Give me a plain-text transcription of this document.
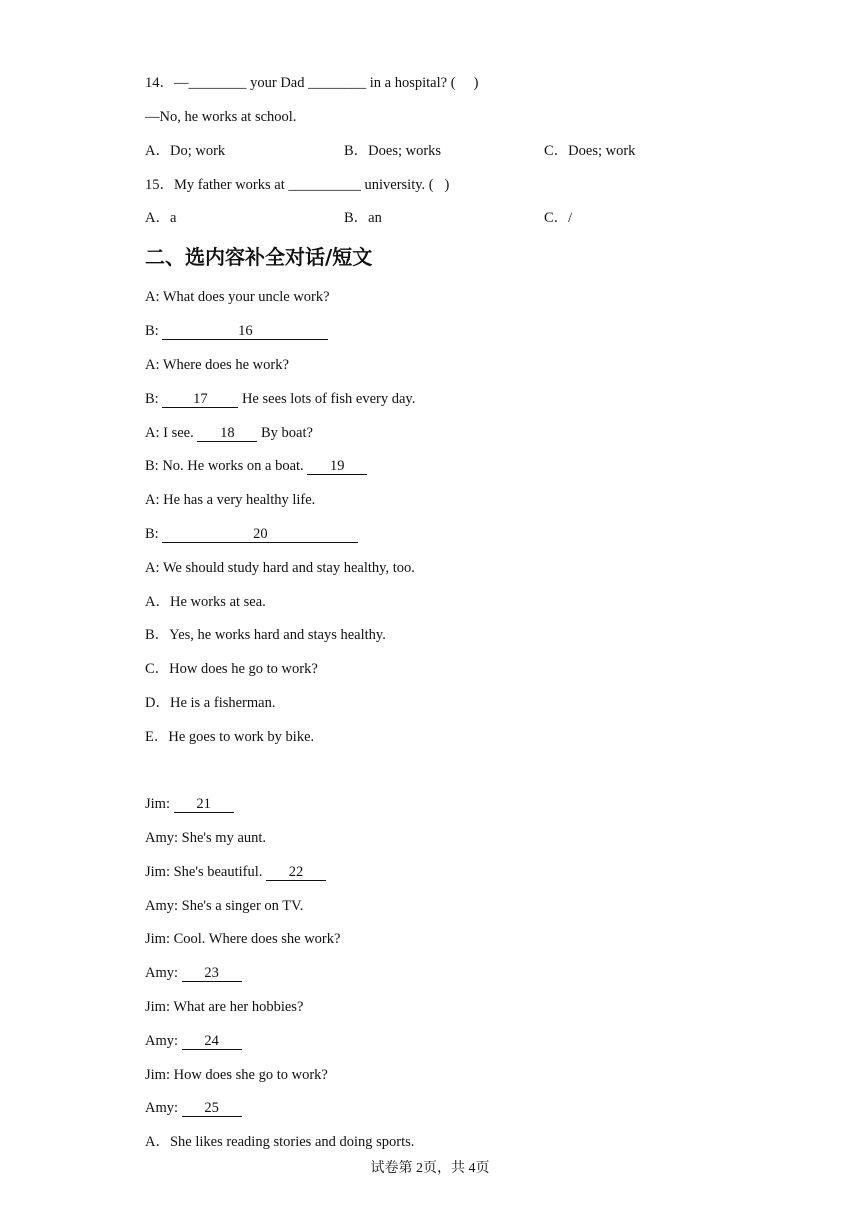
14．—________ your Dad ________ in a hospital? (     )
—No, he works at school.
A．Do; work	B．Does; works	C．Does; work
15．My father works at __________ university. (   )
A．a	B．an	C．/
二、选内容补全对话/短文
A: What does your uncle work?
B:	16
A: Where does he work?
B: 17 He sees lots of fish every day.
A: I see. 18 By boat?
B: No. He works on a boat. 19
A: He has a very healthy life.
B:	20
A: We should study hard and stay healthy, too.
A．He works at sea.
B．Yes, he works hard and stays healthy.
C．How does he go to work?
D．He is a fisherman.
E．He goes to work by bike.
Jim: 21
Amy: She's my aunt.
Jim: She's beautiful. 22
Amy: She's a singer on TV.
Jim: Cool. Where does she work?
Amy: 23
Jim: What are her hobbies?
Amy: 24
Jim: How does she go to work?
Amy: 25
A．She likes reading stories and doing sports.
试卷第 2页，共 4页
